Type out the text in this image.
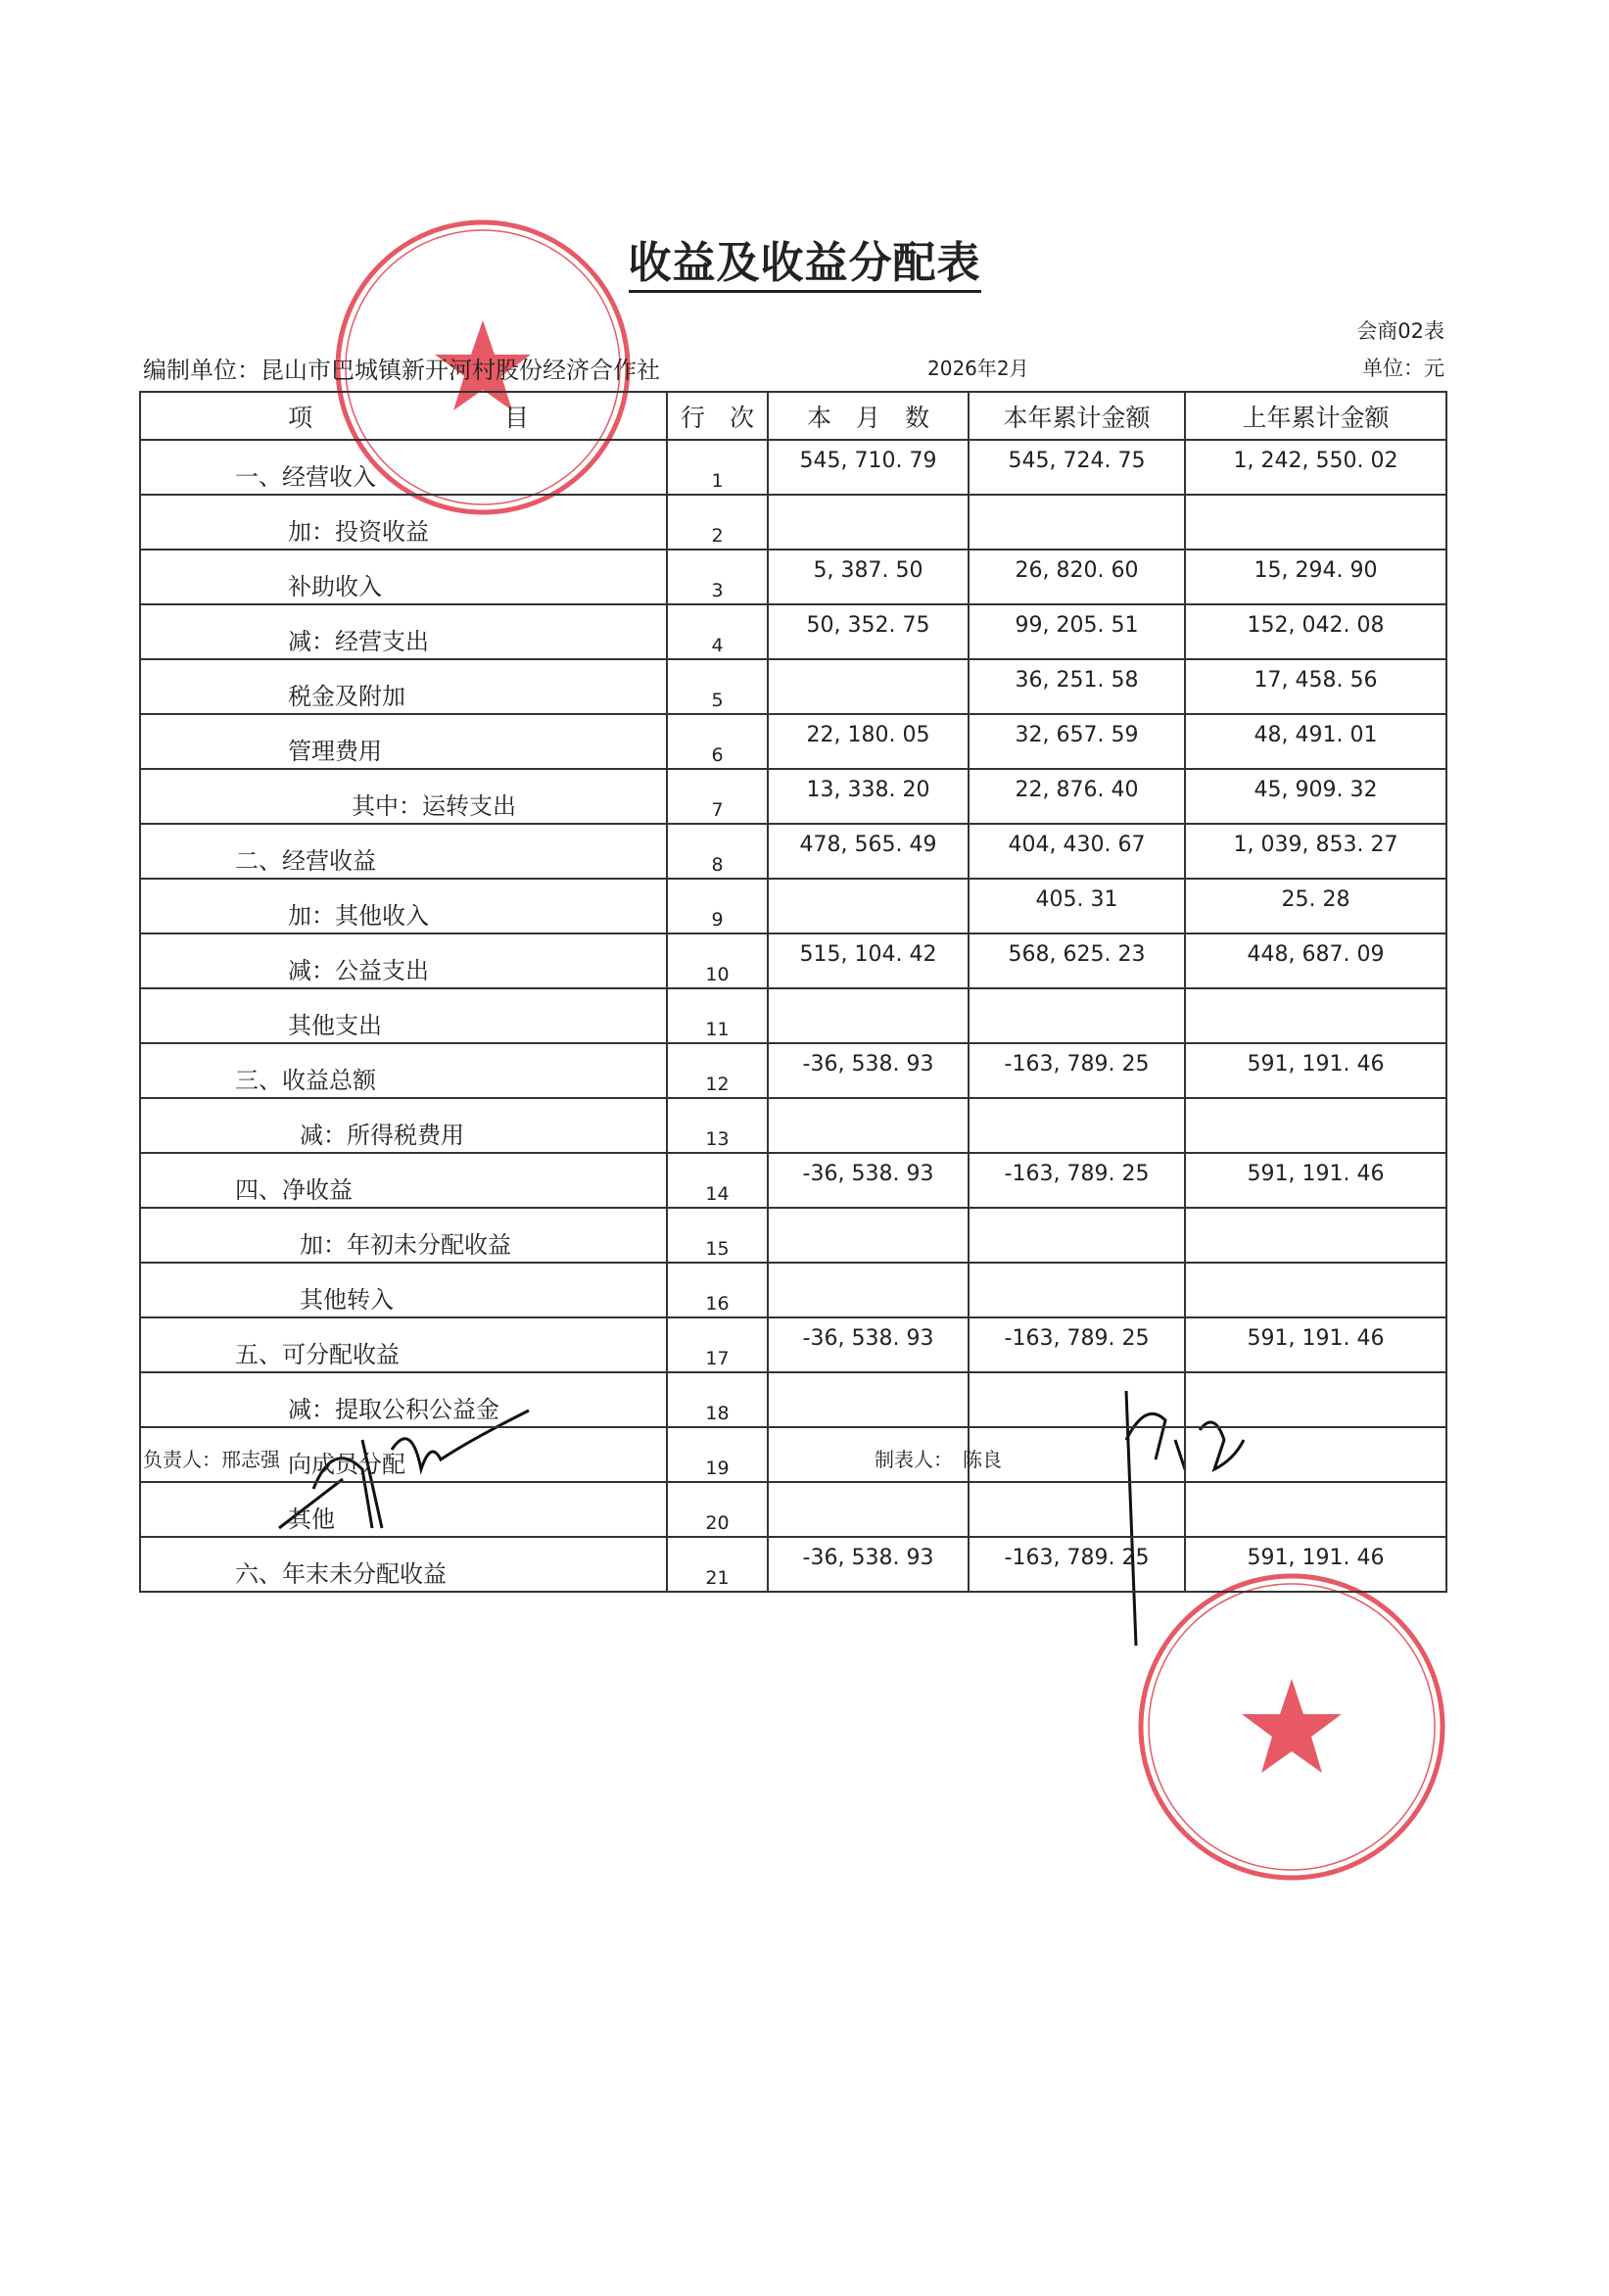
收益及收益分配表
会商02表
编制单位：昆山市巴城镇新开河村股份经济合作社	2026年2月	单位：元
项 目	行　次	本　月　数	本年累计金额	上年累计金额
一、经营收入	1	545, 710. 79	545, 724. 75	1, 242, 550. 02
加：投资收益	2			
补助收入	3	5, 387. 50	26, 820. 60	15, 294. 90
减：经营支出	4	50, 352. 75	99, 205. 51	152, 042. 08
税金及附加	5		36, 251. 58	17, 458. 56
管理费用	6	22, 180. 05	32, 657. 59	48, 491. 01
其中：运转支出	7	13, 338. 20	22, 876. 40	45, 909. 32
二、经营收益	8	478, 565. 49	404, 430. 67	1, 039, 853. 27
加：其他收入	9		405. 31	25. 28
减：公益支出	10	515, 104. 42	568, 625. 23	448, 687. 09
其他支出	11			
三、收益总额	12	-36, 538. 93	-163, 789. 25	591, 191. 46
减：所得税费用	13			
四、净收益	14	-36, 538. 93	-163, 789. 25	591, 191. 46
加：年初未分配收益	15			
其他转入	16			
五、可分配收益	17	-36, 538. 93	-163, 789. 25	591, 191. 46
减：提取公积公益金	18			
向成员分配	19			
其他	20			
六、年末未分配收益	21	-36, 538. 93	-163, 789. 25	591, 191. 46
负责人：邢志强	制表人：　陈良
